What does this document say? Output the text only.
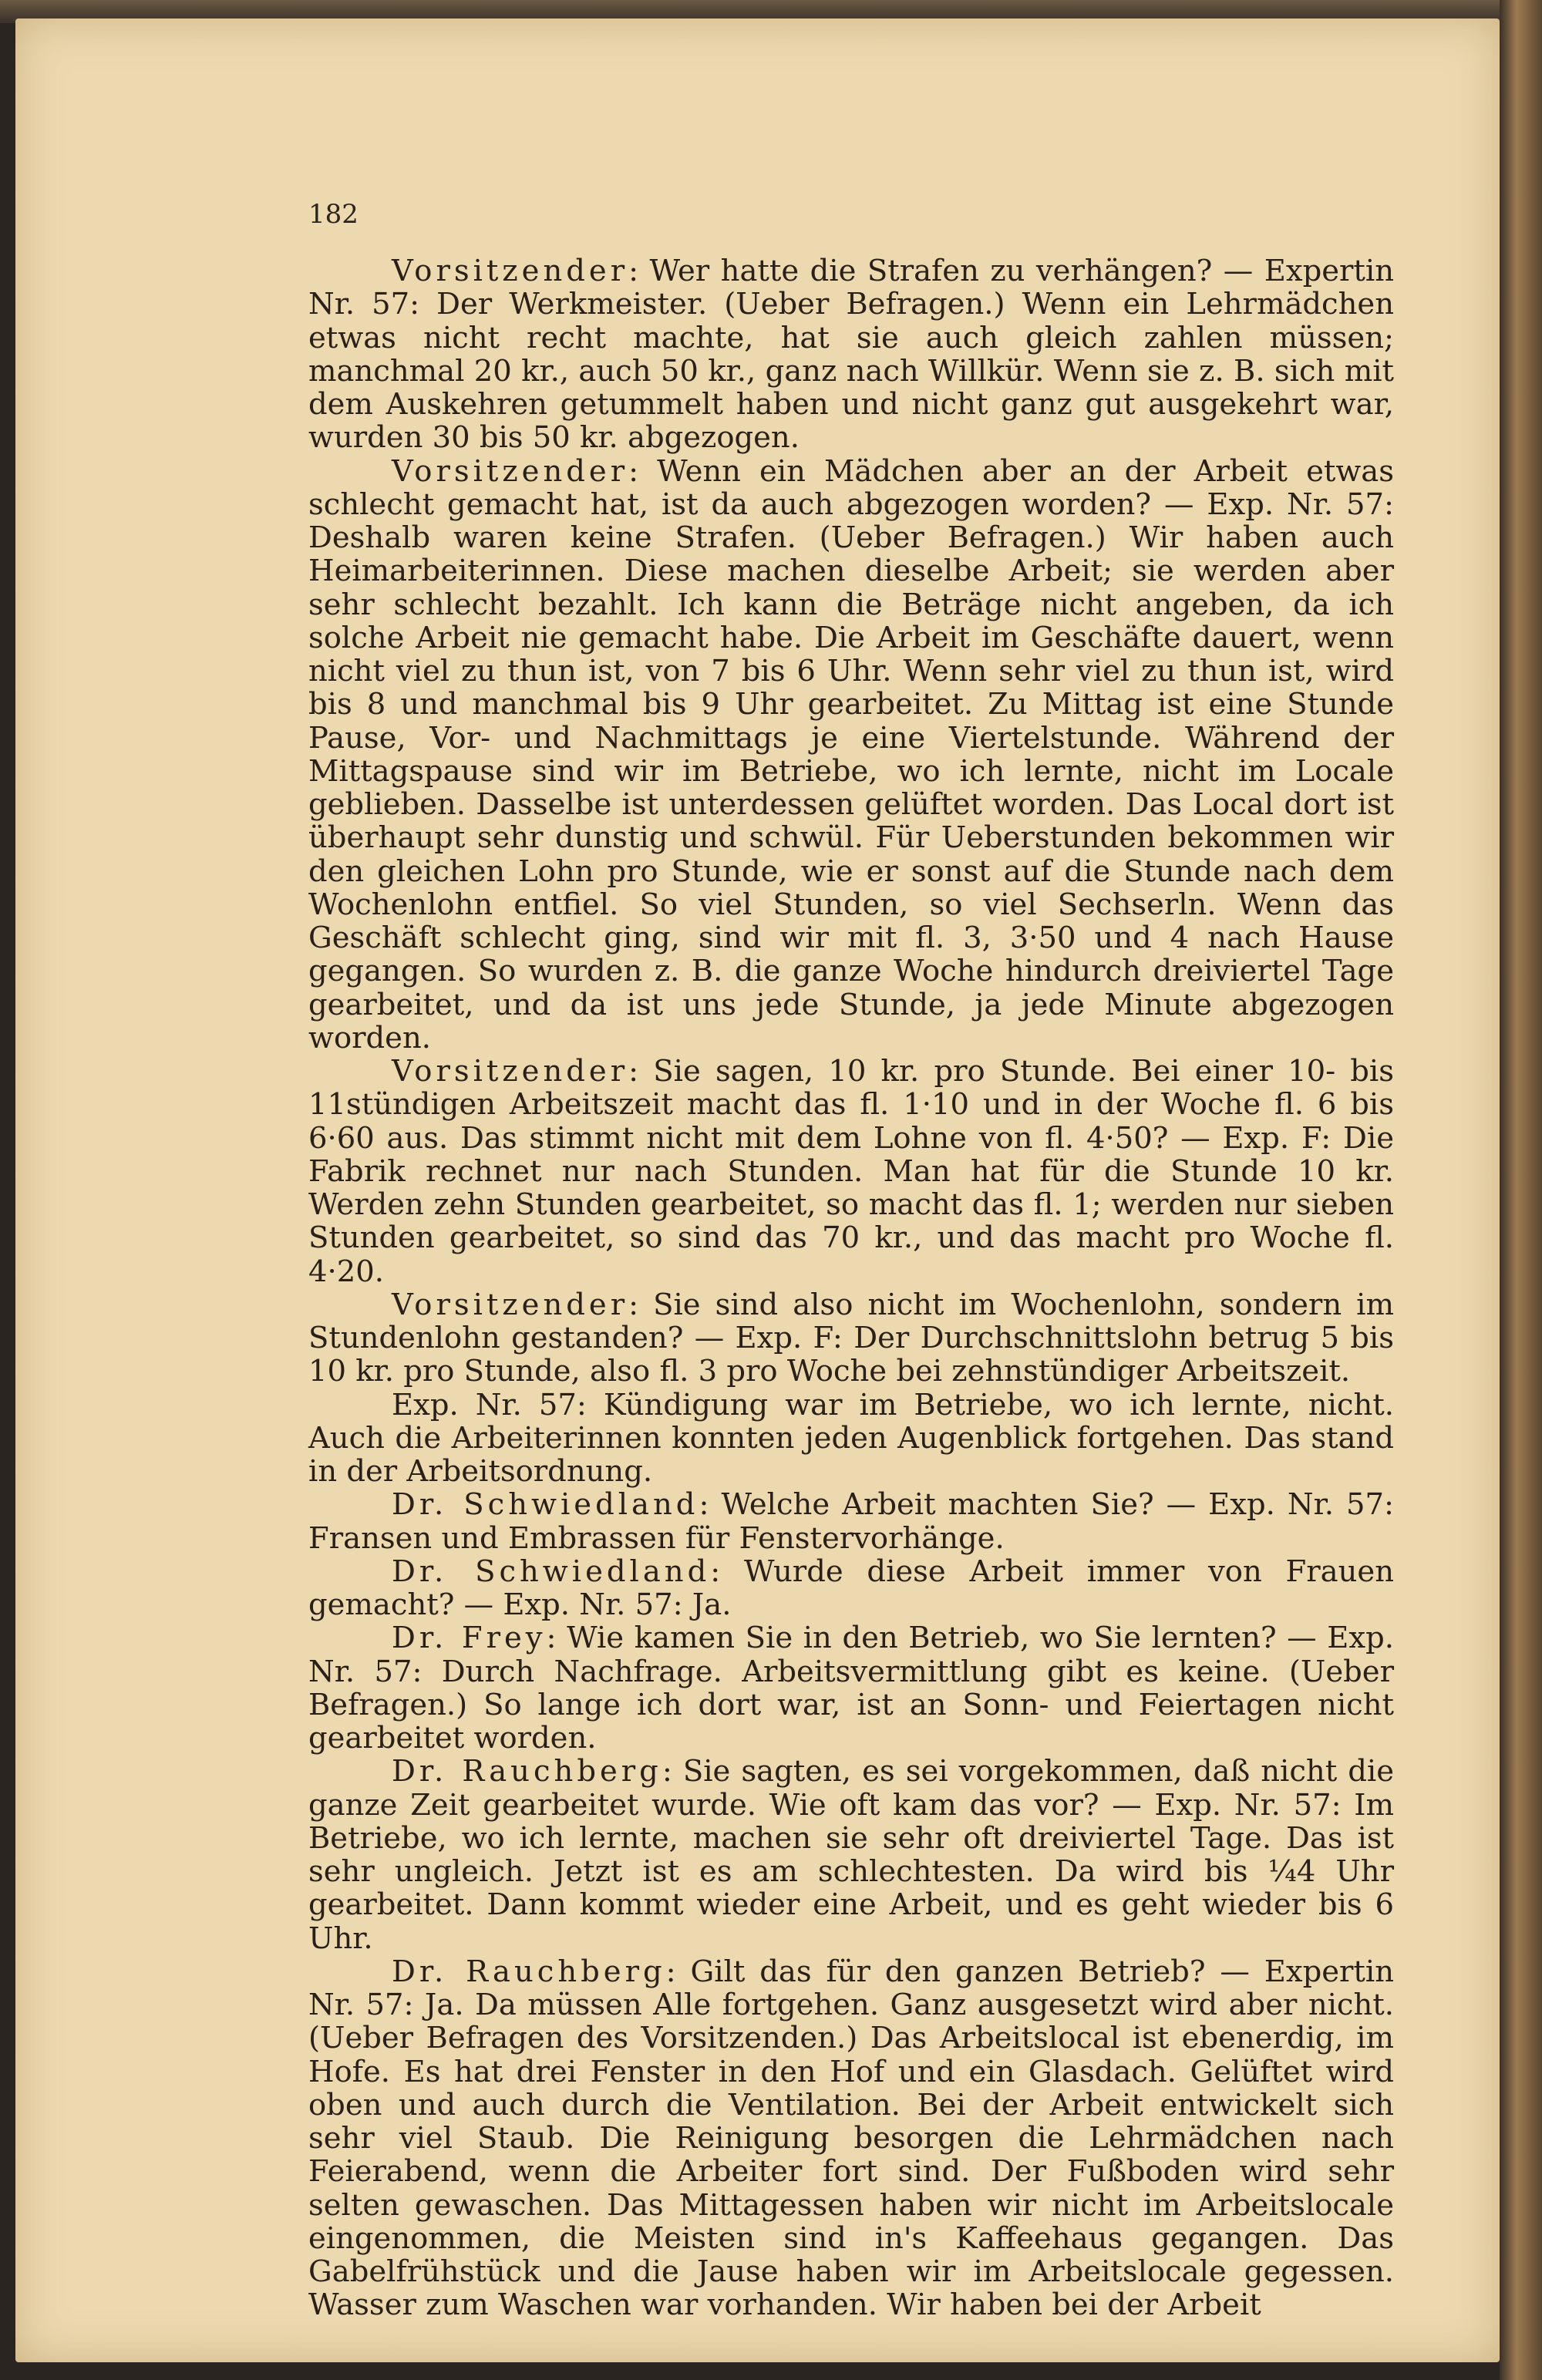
182

Vorsitzender: Wer hatte die Strafen zu verhängen? — Expertin Nr. 57: Der Werkmeister. (Ueber Befragen.) Wenn ein Lehrmädchen etwas nicht recht machte, hat sie auch gleich zahlen müssen; manchmal 20 kr., auch 50 kr., ganz nach Willkür. Wenn sie z. B. sich mit dem Auskehren getummelt haben und nicht ganz gut ausgekehrt war, wurden 30 bis 50 kr. abgezogen.

Vorsitzender: Wenn ein Mädchen aber an der Arbeit etwas schlecht gemacht hat, ist da auch abgezogen worden? — Exp. Nr. 57: Deshalb waren keine Strafen. (Ueber Befragen.) Wir haben auch Heimarbeiterinnen. Diese machen dieselbe Arbeit; sie werden aber sehr schlecht bezahlt. Ich kann die Beträge nicht angeben, da ich solche Arbeit nie gemacht habe. Die Arbeit im Geschäfte dauert, wenn nicht viel zu thun ist, von 7 bis 6 Uhr. Wenn sehr viel zu thun ist, wird bis 8 und manchmal bis 9 Uhr gearbeitet. Zu Mittag ist eine Stunde Pause, Vor- und Nachmittags je eine Viertelstunde. Während der Mittagspause sind wir im Betriebe, wo ich lernte, nicht im Locale geblieben. Dasselbe ist unterdessen gelüftet worden. Das Local dort ist überhaupt sehr dunstig und schwül. Für Ueberstunden bekommen wir den gleichen Lohn pro Stunde, wie er sonst auf die Stunde nach dem Wochenlohn entfiel. So viel Stunden, so viel Sechserln. Wenn das Geschäft schlecht ging, sind wir mit fl. 3, 3·50 und 4 nach Hause gegangen. So wurden z. B. die ganze Woche hindurch dreiviertel Tage gearbeitet, und da ist uns jede Stunde, ja jede Minute abgezogen worden.

Vorsitzender: Sie sagen, 10 kr. pro Stunde. Bei einer 10- bis 11stündigen Arbeitszeit macht das fl. 1·10 und in der Woche fl. 6 bis 6·60 aus. Das stimmt nicht mit dem Lohne von fl. 4·50? — Exp. F: Die Fabrik rechnet nur nach Stunden. Man hat für die Stunde 10 kr. Werden zehn Stunden gearbeitet, so macht das fl. 1; werden nur sieben Stunden gearbeitet, so sind das 70 kr., und das macht pro Woche fl. 4·20.

Vorsitzender: Sie sind also nicht im Wochenlohn, sondern im Stundenlohn gestanden? — Exp. F: Der Durchschnittslohn betrug 5 bis 10 kr. pro Stunde, also fl. 3 pro Woche bei zehnstündiger Arbeitszeit.

Exp. Nr. 57: Kündigung war im Betriebe, wo ich lernte, nicht. Auch die Arbeiterinnen konnten jeden Augenblick fortgehen. Das stand in der Arbeitsordnung.

Dr. Schwiedland: Welche Arbeit machten Sie? — Exp. Nr. 57: Fransen und Embrassen für Fenstervorhänge.

Dr. Schwiedland: Wurde diese Arbeit immer von Frauen gemacht? — Exp. Nr. 57: Ja.

Dr. Frey: Wie kamen Sie in den Betrieb, wo Sie lernten? — Exp. Nr. 57: Durch Nachfrage. Arbeitsvermittlung gibt es keine. (Ueber Befragen.) So lange ich dort war, ist an Sonn- und Feiertagen nicht gearbeitet worden.

Dr. Rauchberg: Sie sagten, es sei vorgekommen, daß nicht die ganze Zeit gearbeitet wurde. Wie oft kam das vor? — Exp. Nr. 57: Im Betriebe, wo ich lernte, machen sie sehr oft dreiviertel Tage. Das ist sehr ungleich. Jetzt ist es am schlechtesten. Da wird bis ¼4 Uhr gearbeitet. Dann kommt wieder eine Arbeit, und es geht wieder bis 6 Uhr.

Dr. Rauchberg: Gilt das für den ganzen Betrieb? — Expertin Nr. 57: Ja. Da müssen Alle fortgehen. Ganz ausgesetzt wird aber nicht. (Ueber Befragen des Vorsitzenden.) Das Arbeitslocal ist ebenerdig, im Hofe. Es hat drei Fenster in den Hof und ein Glasdach. Gelüftet wird oben und auch durch die Ventilation. Bei der Arbeit entwickelt sich sehr viel Staub. Die Reinigung besorgen die Lehrmädchen nach Feierabend, wenn die Arbeiter fort sind. Der Fußboden wird sehr selten gewaschen. Das Mittagessen haben wir nicht im Arbeitslocale eingenommen, die Meisten sind in's Kaffeehaus gegangen. Das Gabelfrühstück und die Jause haben wir im Arbeitslocale gegessen. Wasser zum Waschen war vorhanden. Wir haben bei der Arbeit
